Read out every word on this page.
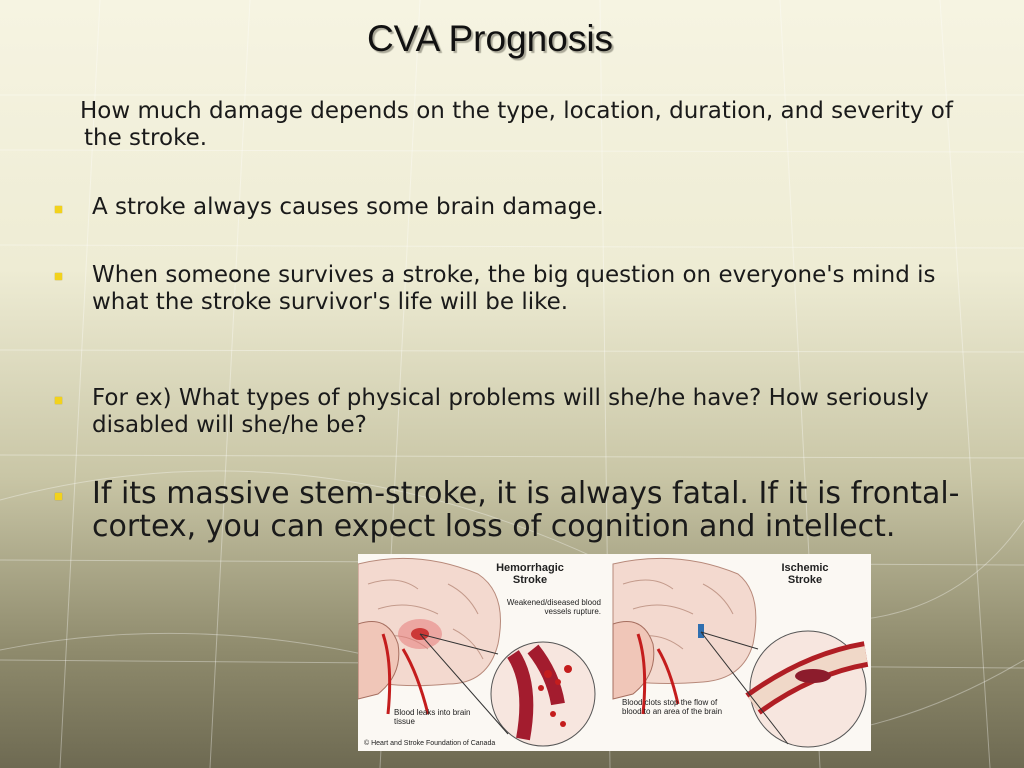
CVA Prognosis
How much damage depends on the type, location, duration, and severity of the stroke.
A stroke always causes some brain damage.
When someone survives a stroke, the big question on everyone's mind is what the stroke survivor's life will be like.
For ex) What types of physical problems will she/he have? How seriously disabled will she/he be?
If its massive stem-stroke, it is always fatal. If it is frontal-cortex, you can expect loss of cognition and intellect.
Hemorrhagic Stroke
Weakened/diseased blood vessels rupture.
Blood leaks into brain tissue
Ischemic Stroke
Blood clots stop the flow of blood to an area of the brain
© Heart and Stroke Foundation of Canada
